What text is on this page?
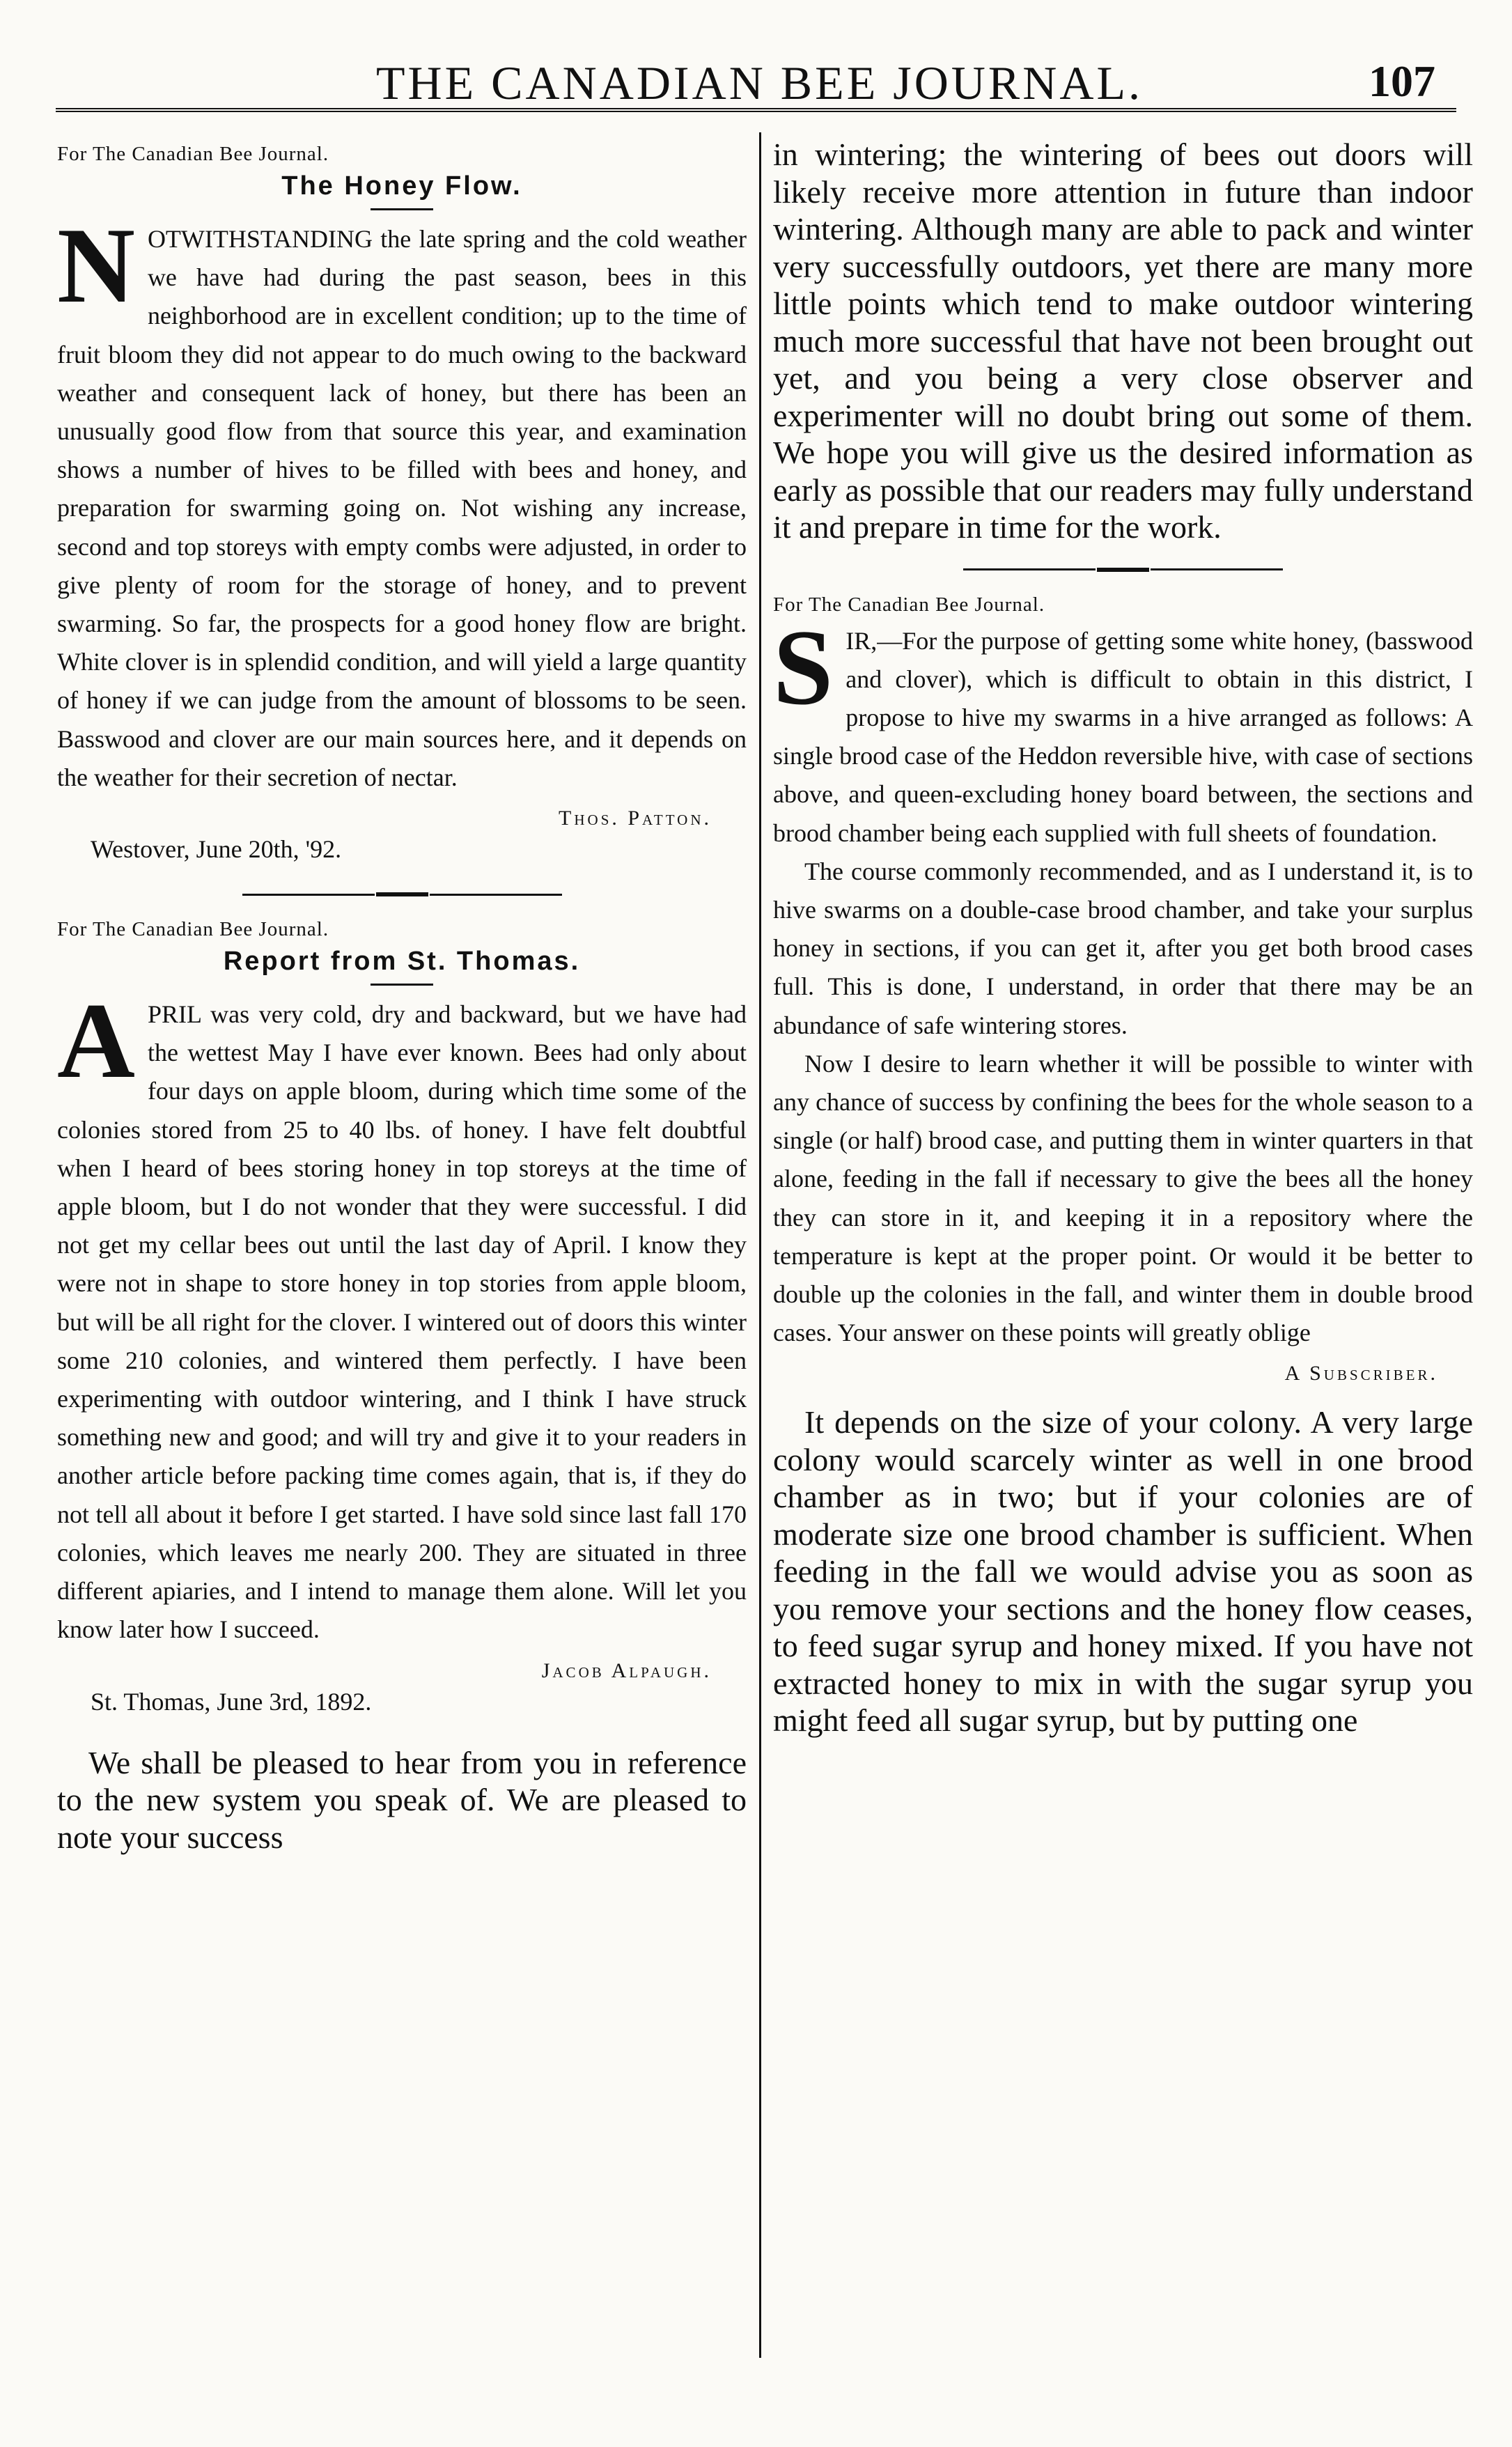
THE CANADIAN BEE JOURNAL.	107

For The Canadian Bee Journal.

The Honey Flow.

NOTWITHSTANDING the late spring and the cold weather we have had during the past season, bees in this neighborhood are in excellent condition; up to the time of fruit bloom they did not appear to do much owing to the backward weather and consequent lack of honey, but there has been an unusually good flow from that source this year, and examination shows a number of hives to be filled with bees and honey, and preparation for swarming going on. Not wishing any increase, second and top storeys with empty combs were adjusted, in order to give plenty of room for the storage of honey, and to prevent swarming. So far, the prospects for a good honey flow are bright. White clover is in splendid condition, and will yield a large quantity of honey if we can judge from the amount of blossoms to be seen. Basswood and clover are our main sources here, and it depends on the weather for their secretion of nectar.

Thos. Patton.

Westover, June 20th, '92.

For The Canadian Bee Journal.

Report from St. Thomas.

APRIL was very cold, dry and backward, but we have had the wettest May I have ever known. Bees had only about four days on apple bloom, during which time some of the colonies stored from 25 to 40 lbs. of honey. I have felt doubtful when I heard of bees storing honey in top storeys at the time of apple bloom, but I do not wonder that they were successful. I did not get my cellar bees out until the last day of April. I know they were not in shape to store honey in top stories from apple bloom, but will be all right for the clover. I wintered out of doors this winter some 210 colonies, and wintered them perfectly. I have been experimenting with outdoor wintering, and I think I have struck something new and good; and will try and give it to your readers in another article before packing time comes again, that is, if they do not tell all about it before I get started. I have sold since last fall 170 colonies, which leaves me nearly 200. They are situated in three different apiaries, and I intend to manage them alone. Will let you know later how I succeed.

Jacob Alpaugh.

St. Thomas, June 3rd, 1892.

We shall be pleased to hear from you in reference to the new system you speak of. We are pleased to note your success

in wintering; the wintering of bees out doors will likely receive more attention in future than indoor wintering. Although many are able to pack and winter very successfully outdoors, yet there are many more little points which tend to make outdoor wintering much more successful that have not been brought out yet, and you being a very close observer and experimenter will no doubt bring out some of them. We hope you will give us the desired information as early as possible that our readers may fully understand it and prepare in time for the work.

For The Canadian Bee Journal.

SIR,—For the purpose of getting some white honey, (basswood and clover), which is difficult to obtain in this district, I propose to hive my swarms in a hive arranged as follows: A single brood case of the Heddon reversible hive, with case of sections above, and queen-excluding honey board between, the sections and brood chamber being each supplied with full sheets of foundation.

The course commonly recommended, and as I understand it, is to hive swarms on a double-case brood chamber, and take your surplus honey in sections, if you can get it, after you get both brood cases full. This is done, I understand, in order that there may be an abundance of safe wintering stores.

Now I desire to learn whether it will be possible to winter with any chance of success by confining the bees for the whole season to a single (or half) brood case, and putting them in winter quarters in that alone, feeding in the fall if necessary to give the bees all the honey they can store in it, and keeping it in a repository where the temperature is kept at the proper point. Or would it be better to double up the colonies in the fall, and winter them in double brood cases. Your answer on these points will greatly oblige

A Subscriber.

It depends on the size of your colony. A very large colony would scarcely winter as well in one brood chamber as in two; but if your colonies are of moderate size one brood chamber is sufficient. When feeding in the fall we would advise you as soon as you remove your sections and the honey flow ceases, to feed sugar syrup and honey mixed. If you have not extracted honey to mix in with the sugar syrup you might feed all sugar syrup, but by putting one
